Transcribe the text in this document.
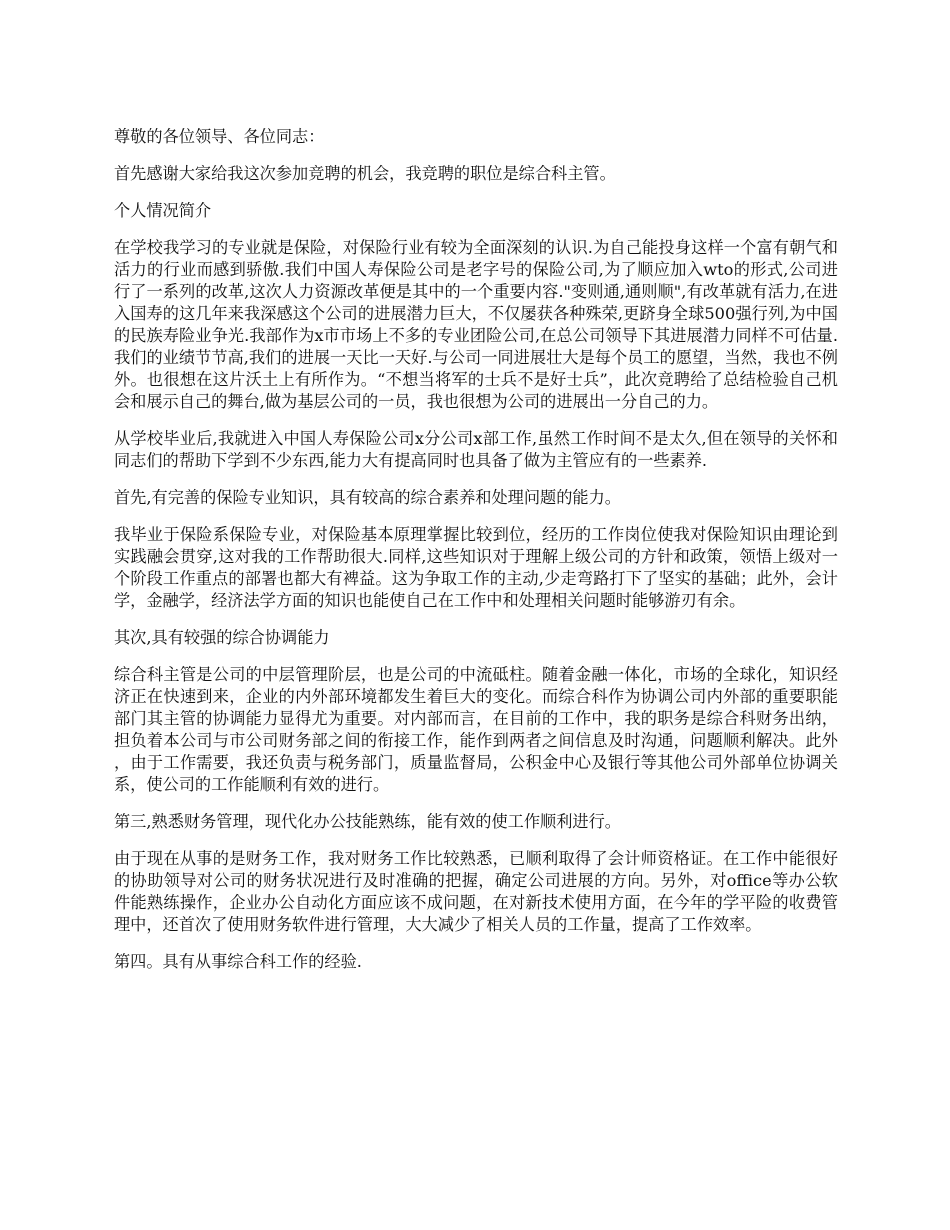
尊敬的各位领导、各位同志：

首先感谢大家给我这次参加竞聘的机会，我竞聘的职位是综合科主管。

个人情况简介

在学校我学习的专业就是保险，对保险行业有较为全面深刻的认识.为自己能投身这样一个富有朝气和活力的行业而感到骄傲.我们中国人寿保险公司是老字号的保险公司,为了顺应加入wto的形式,公司进行了一系列的改革,这次人力资源改革便是其中的一个重要内容."变则通,通则顺",有改革就有活力,在进入国寿的这几年来我深感这个公司的进展潜力巨大，不仅屡获各种殊荣,更跻身全球500强行列,为中国的民族寿险业争光.我部作为x市市场上不多的专业团险公司,在总公司领导下其进展潜力同样不可估量.我们的业绩节节高,我们的进展一天比一天好.与公司一同进展壮大是每个员工的愿望，当然，我也不例外。也很想在这片沃土上有所作为。“不想当将军的士兵不是好士兵”，此次竞聘给了总结检验自己机会和展示自己的舞台,做为基层公司的一员，我也很想为公司的进展出一分自己的力。

从学校毕业后,我就进入中国人寿保险公司x分公司x部工作,虽然工作时间不是太久,但在领导的关怀和同志们的帮助下学到不少东西,能力大有提高同时也具备了做为主管应有的一些素养.

首先,有完善的保险专业知识，具有较高的综合素养和处理问题的能力。

我毕业于保险系保险专业，对保险基本原理掌握比较到位，经历的工作岗位使我对保险知识由理论到实践融会贯穿,这对我的工作帮助很大.同样,这些知识对于理解上级公司的方针和政策，领悟上级对一个阶段工作重点的部署也都大有裨益。这为争取工作的主动,少走弯路打下了坚实的基础；此外，会计学，金融学，经济法学方面的知识也能使自己在工作中和处理相关问题时能够游刃有余。

其次,具有较强的综合协调能力

综合科主管是公司的中层管理阶层，也是公司的中流砥柱。随着金融一体化，市场的全球化，知识经济正在快速到来，企业的内外部环境都发生着巨大的变化。而综合科作为协调公司内外部的重要职能部门其主管的协调能力显得尤为重要。对内部而言，在目前的工作中，我的职务是综合科财务出纳，担负着本公司与市公司财务部之间的衔接工作，能作到两者之间信息及时沟通，问题顺利解决。此外，由于工作需要，我还负责与税务部门，质量监督局，公积金中心及银行等其他公司外部单位协调关系，使公司的工作能顺利有效的进行。

第三,熟悉财务管理，现代化办公技能熟练，能有效的使工作顺利进行。

由于现在从事的是财务工作，我对财务工作比较熟悉，已顺利取得了会计师资格证。在工作中能很好的协助领导对公司的财务状况进行及时准确的把握，确定公司进展的方向。另外，对office等办公软件能熟练操作，企业办公自动化方面应该不成问题，在对新技术使用方面，在今年的学平险的收费管理中，还首次了使用财务软件进行管理，大大减少了相关人员的工作量，提高了工作效率。

第四。具有从事综合科工作的经验.
